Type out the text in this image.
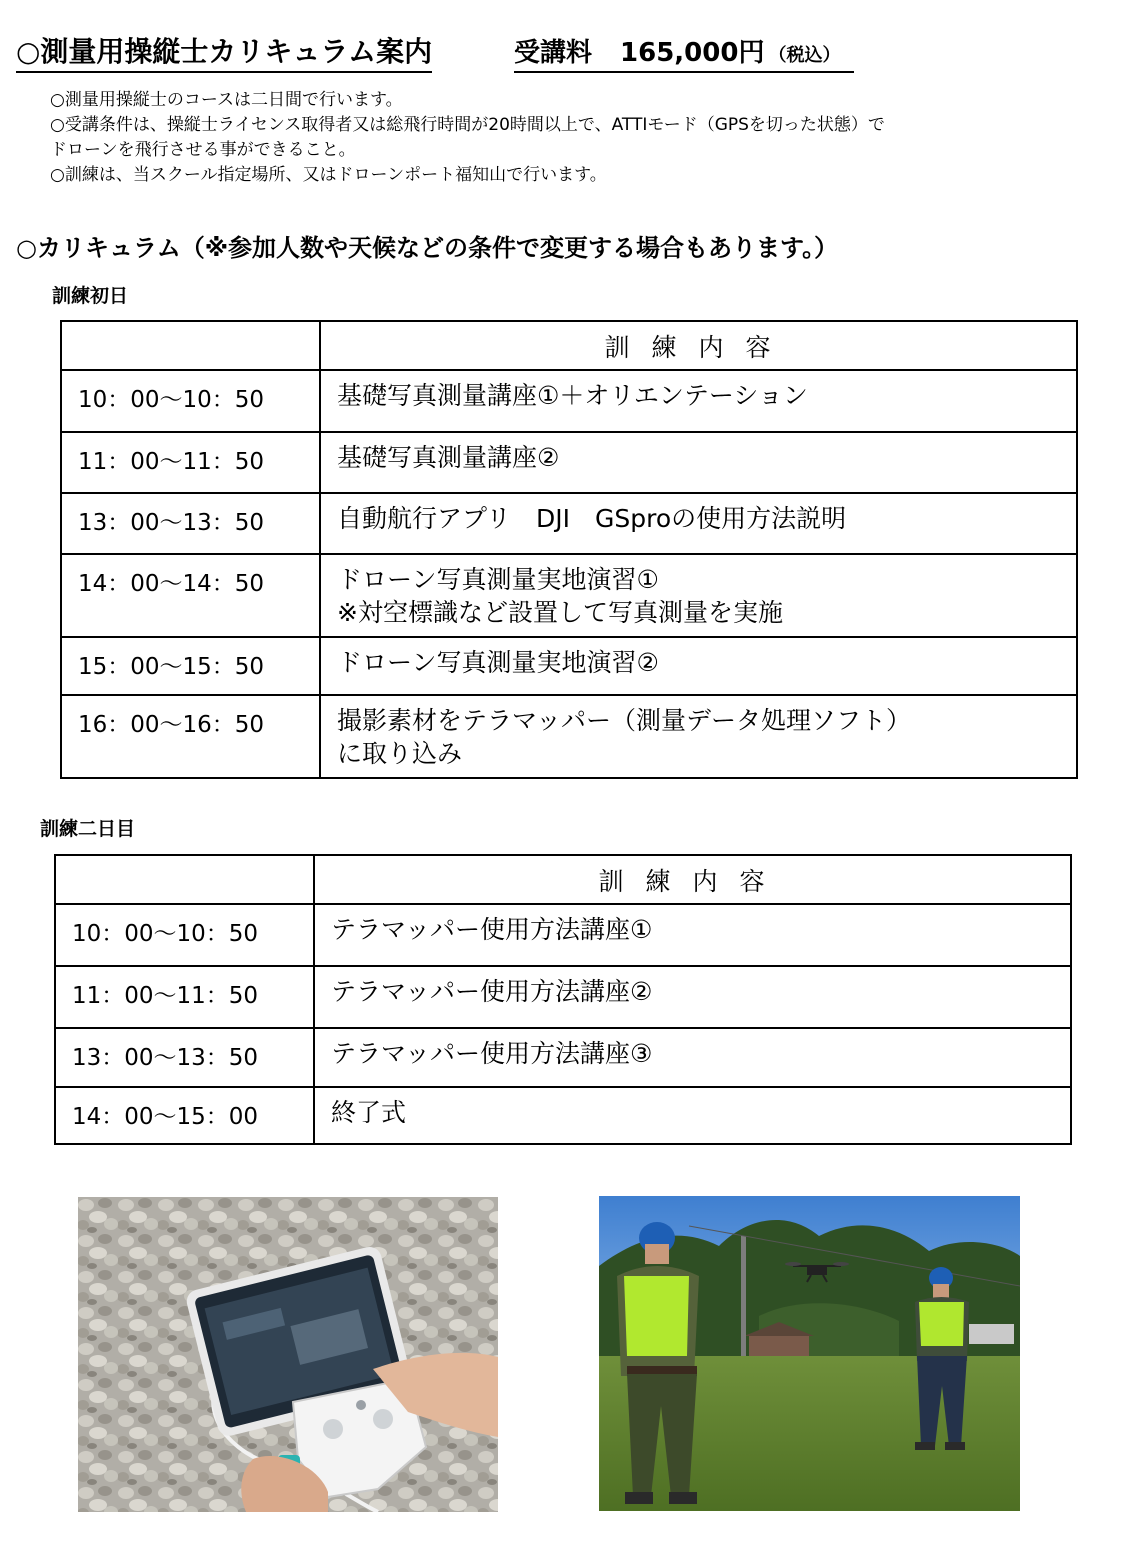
○測量用操縦士カリキュラム案内	受講料 165,000円 （税込）
○測量用操縦士のコースは二日間で行います。
○受講条件は、操縦士ライセンス取得者又は総飛行時間が20時間以上で、ATTIモード（GPSを切った状態）で
ドローンを飛行させる事ができること。
○訓練は、当スクール指定場所、又はドローンポート福知山で行います。
○カリキュラム（※参加人数や天候などの条件で変更する場合もあります。）
訓練初日
	訓練内容
10：00〜10：50	基礎写真測量講座①＋オリエンテーション

11：00〜11：50	基礎写真測量講座②

13：00〜13：50	自動航行アプリ　DJI　GSproの使用方法説明

14：00〜14：50	ドローン写真測量実地演習①
※対空標識など設置して写真測量を実施

15：00〜15：50	ドローン写真測量実地演習②

16：00〜16：50	撮影素材をテラマッパー（測量データ処理ソフト）
に取り込み
訓練二日目
	訓練内容
10：00〜10：50	テラマッパー使用方法講座①

11：00〜11：50	テラマッパー使用方法講座②

13：00〜13：50	テラマッパー使用方法講座③

14：00〜15：00	終了式
